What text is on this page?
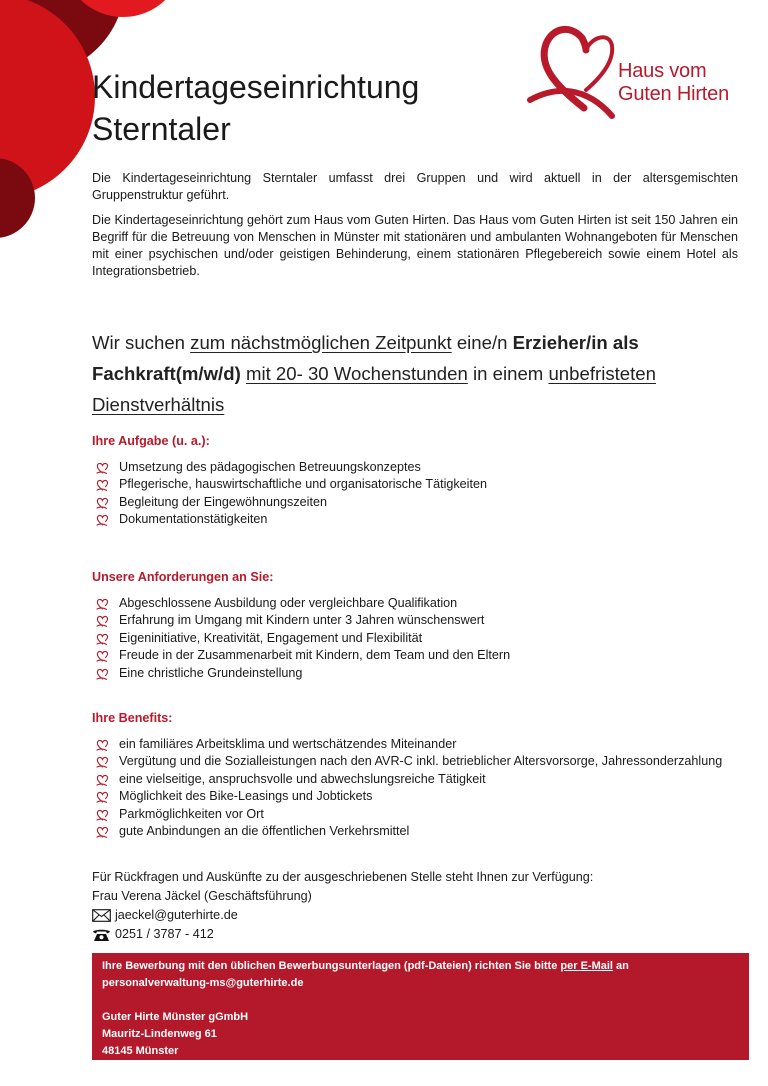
Haus vom
Guten Hirten
Kindertageseinrichtung
Sterntaler

Die Kindertageseinrichtung Sterntaler umfasst drei Gruppen und wird aktuell in der altersgemischten Gruppenstruktur geführt.

Die Kindertageseinrichtung gehört zum Haus vom Guten Hirten. Das Haus vom Guten Hirten ist seit 150 Jahren ein Begriff für die Betreuung von Menschen in Münster mit stationären und ambulanten Wohnangeboten für Menschen mit einer psychischen und/oder geistigen Behinderung, einem stationären Pflegebereich sowie einem Hotel als Integrationsbetrieb.

Wir suchen zum nächstmöglichen Zeitpunkt eine/n Erzieher/in als Fachkraft(m/w/d) mit 20- 30 Wochenstunden in einem unbefristeten Dienstverhältnis
Ihre Aufgabe (u. a.):
Umsetzung des pädagogischen Betreuungskonzeptes
Pflegerische, hauswirtschaftliche und organisatorische Tätigkeiten
Begleitung der Eingewöhnungszeiten
Dokumentationstätigkeiten
Unsere Anforderungen an Sie:
Abgeschlossene Ausbildung oder vergleichbare Qualifikation
Erfahrung im Umgang mit Kindern unter 3 Jahren wünschenswert
Eigeninitiative, Kreativität, Engagement und Flexibilität
Freude in der Zusammenarbeit mit Kindern, dem Team und den Eltern
Eine christliche Grundeinstellung
Ihre Benefits:
ein familiäres Arbeitsklima und wertschätzendes Miteinander
Vergütung und die Sozialleistungen nach den AVR-C inkl. betrieblicher Altersvorsorge, Jahressonderzahlung
eine vielseitige, anspruchsvolle und abwechslungsreiche Tätigkeit
Möglichkeit des Bike-Leasings und Jobtickets
Parkmöglichkeiten vor Ort
gute Anbindungen an die öffentlichen Verkehrsmittel
Für Rückfragen und Auskünfte zu der ausgeschriebenen Stelle steht Ihnen zur Verfügung:
Frau Verena Jäckel (Geschäftsführung)
jaeckel@guterhirte.de
0251 / 3787 - 412
Ihre Bewerbung mit den üblichen Bewerbungsunterlagen (pdf-Dateien) richten Sie bitte per E-Mail an
personalverwaltung-ms@guterhirte.de
Guter Hirte Münster gGmbH
Mauritz-Lindenweg 61
48145 Münster
